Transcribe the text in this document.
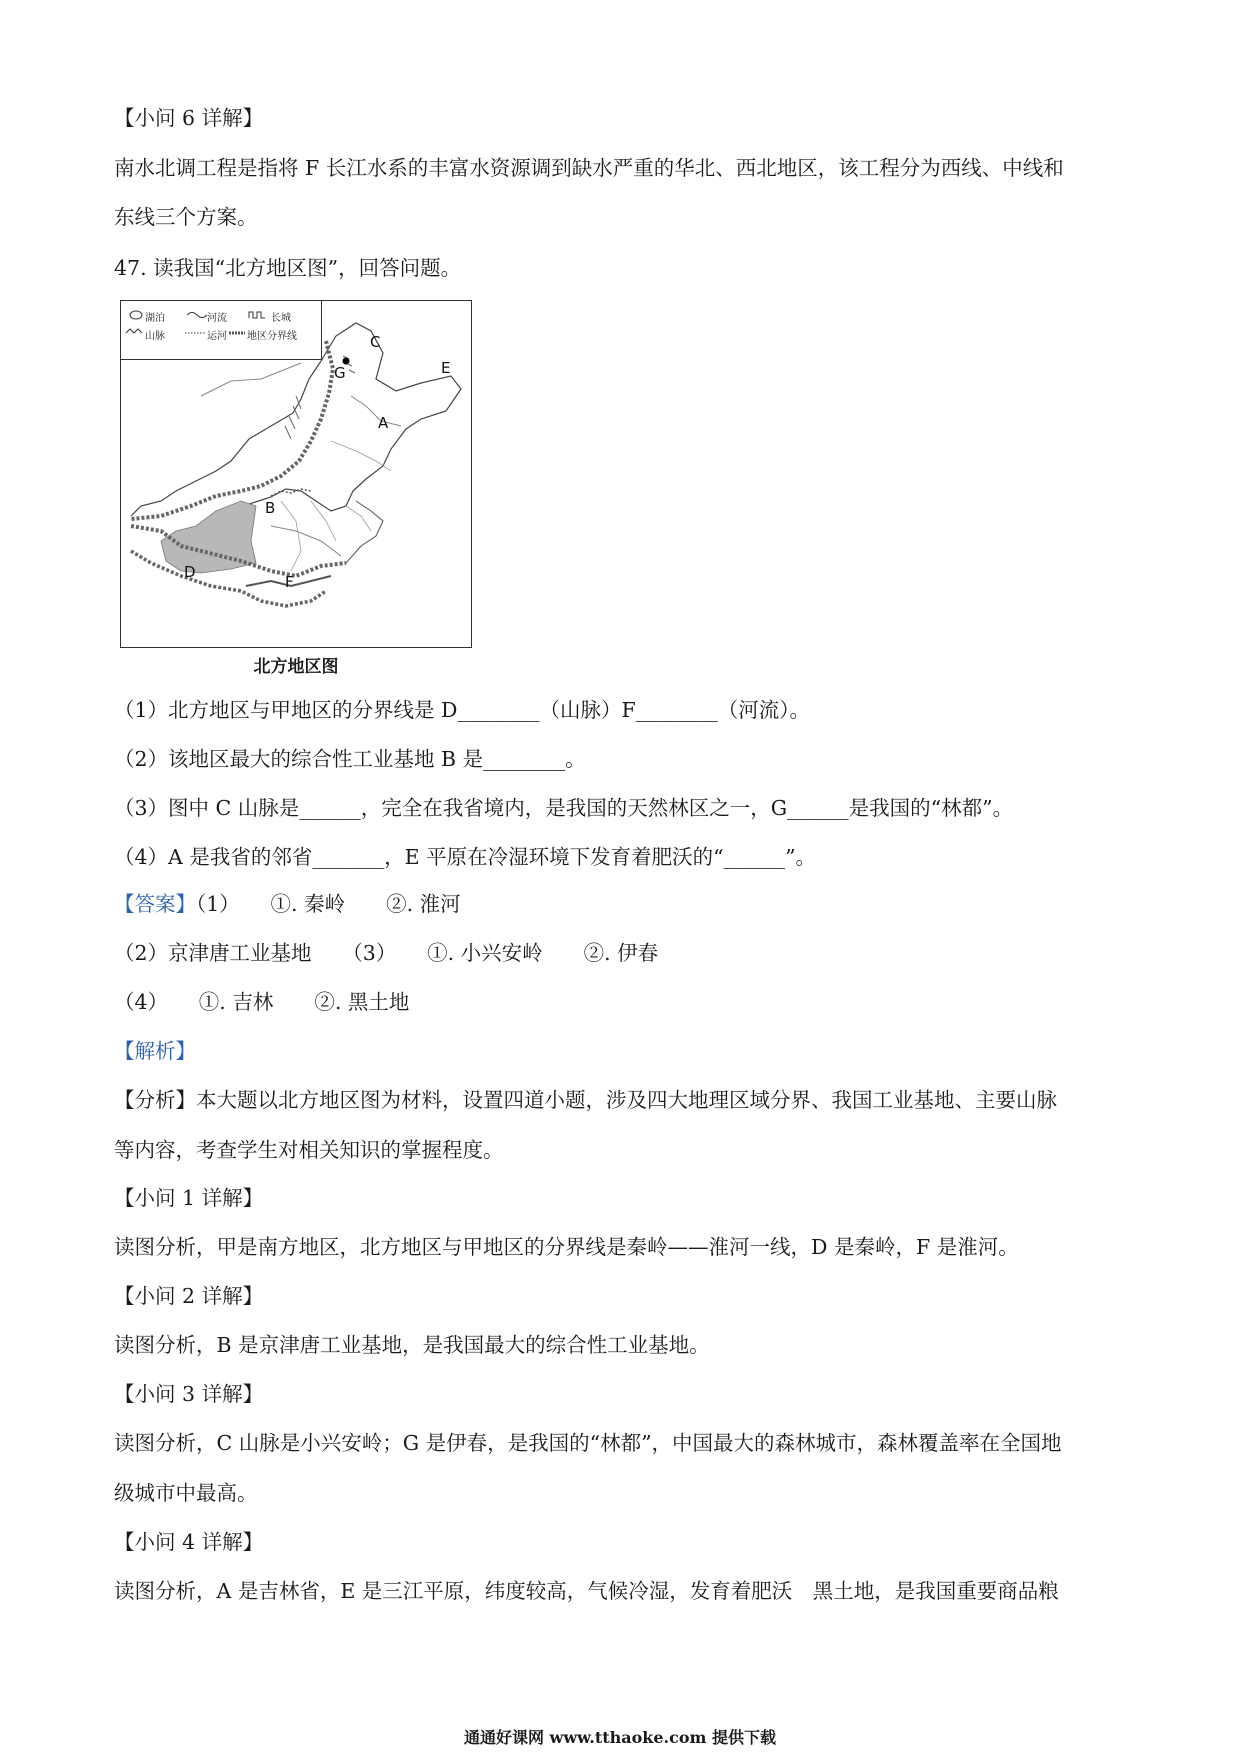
【小问 6 详解】
南水北调工程是指将 F 长江水系的丰富水资源调到缺水严重的华北、西北地区，该工程分为西线、中线和
东线三个方案。
47. 读我国“北方地区图”，回答问题。
湖泊	河流	长城
山脉	运河 地区分界线	C
G	E
A
B
D
F
北方地区图
（1）北方地区与甲地区的分界线是 D________（山脉）F________（河流）。
（2）该地区最大的综合性工业基地 B 是________。
（3）图中 C 山脉是______，完全在我省境内，是我国的天然林区之一，G______是我国的“林都”。
（4）A 是我省的邻省_______，E 平原在冷湿环境下发育着肥沃的“______”。
【答案】（1）　　①. 秦岭　　②. 淮河
（2）京津唐工业基地　　（3）　　①. 小兴安岭　　②. 伊春
（4）　　①. 吉林　　②. 黑土地
【解析】
【分析】本大题以北方地区图为材料，设置四道小题，涉及四大地理区域分界、我国工业基地、主要山脉
等内容，考查学生对相关知识的掌握程度。
【小问 1 详解】
读图分析，甲是南方地区，北方地区与甲地区的分界线是秦岭——淮河一线，D 是秦岭，F 是淮河。
【小问 2 详解】
读图分析，B 是京津唐工业基地，是我国最大的综合性工业基地。
【小问 3 详解】
读图分析，C 山脉是小兴安岭；G 是伊春，是我国的“林都”，中国最大的森林城市，森林覆盖率在全国地
级城市中最高。
【小问 4 详解】
读图分析，A 是吉林省，E 是三江平原，纬度较高，气候冷湿，发育着肥沃　黑土地，是我国重要商品粮
通通好课网 www.tthaoke.com 提供下载
